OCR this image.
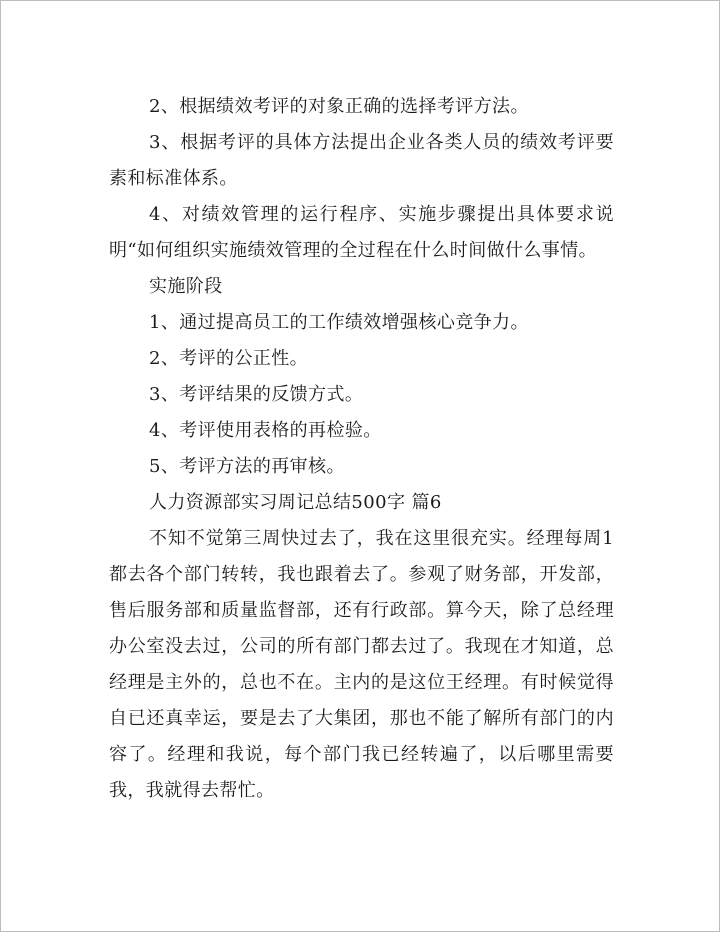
2、根据绩效考评的对象正确的选择考评方法。

3、根据考评的具体方法提出企业各类人员的绩效考评要素和标准体系。

4、对绩效管理的运行程序、实施步骤提出具体要求说明“如何组织实施绩效管理的全过程在什么时间做什么事情。

实施阶段

1、通过提高员工的工作绩效增强核心竞争力。

2、考评的公正性。

3、考评结果的反馈方式。

4、考评使用表格的再检验。

5、考评方法的再审核。

人力资源部实习周记总结500字 篇6

不知不觉第三周快过去了，我在这里很充实。经理每周1都去各个部门转转，我也跟着去了。参观了财务部，开发部，售后服务部和质量监督部，还有行政部。算今天，除了总经理办公室没去过，公司的所有部门都去过了。我现在才知道，总经理是主外的，总也不在。主内的是这位王经理。有时候觉得自已还真幸运，要是去了大集团，那也不能了解所有部门的内容了。经理和我说，每个部门我已经转遍了，以后哪里需要我，我就得去帮忙。
